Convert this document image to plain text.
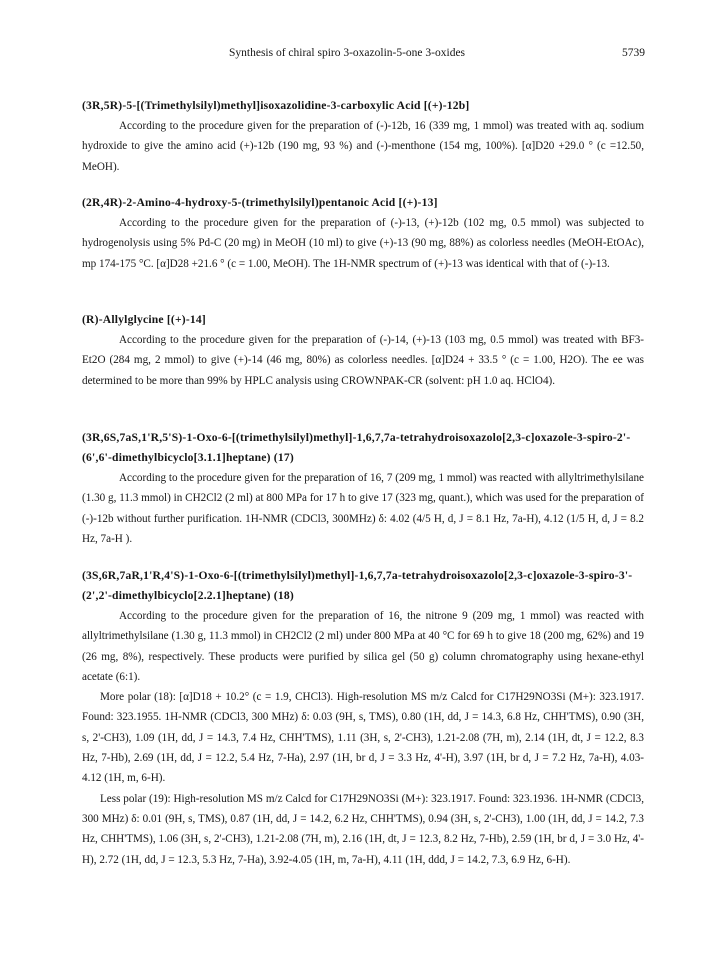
Synthesis of chiral spiro 3-oxazolin-5-one 3-oxides	5739

(3R,5R)-5-[(Trimethylsilyl)methyl]isoxazolidine-3-carboxylic Acid [(+)-12b]

According to the procedure given for the preparation of (-)-12b, 16 (339 mg, 1 mmol) was treated with aq. sodium hydroxide to give the amino acid (+)-12b (190 mg, 93 %) and (-)-menthone (154 mg, 100%). [α]D20 +29.0 ° (c =12.50, MeOH).

(2R,4R)-2-Amino-4-hydroxy-5-(trimethylsilyl)pentanoic Acid [(+)-13]

According to the procedure given for the preparation of (-)-13, (+)-12b (102 mg, 0.5 mmol) was subjected to hydrogenolysis using 5% Pd-C (20 mg) in MeOH (10 ml) to give (+)-13 (90 mg, 88%) as colorless needles (MeOH-EtOAc), mp 174-175 °C. [α]D28 +21.6 ° (c = 1.00, MeOH). The 1H-NMR spectrum of (+)-13 was identical with that of (-)-13.

(R)-Allylglycine [(+)-14]

According to the procedure given for the preparation of (-)-14, (+)-13 (103 mg, 0.5 mmol) was treated with BF3-Et2O (284 mg, 2 mmol) to give (+)-14 (46 mg, 80%) as colorless needles. [α]D24 + 33.5 ° (c = 1.00, H2O). The ee was determined to be more than 99% by HPLC analysis using CROWNPAK-CR (solvent: pH 1.0 aq. HClO4).

(3R,6S,7aS,1'R,5'S)-1-Oxo-6-[(trimethylsilyl)methyl]-1,6,7,7a-tetrahydroisoxazolo[2,3-c]oxazole-3-spiro-2'-(6',6'-dimethylbicyclo[3.1.1]heptane) (17)

According to the procedure given for the preparation of 16, 7 (209 mg, 1 mmol) was reacted with allyltrimethylsilane (1.30 g, 11.3 mmol) in CH2Cl2 (2 ml) at 800 MPa for 17 h to give 17 (323 mg, quant.), which was used for the preparation of (-)-12b without further purification. 1H-NMR (CDCl3, 300MHz) δ: 4.02 (4/5 H, d, J = 8.1 Hz, 7a-H), 4.12 (1/5 H, d, J = 8.2 Hz, 7a-H ).

(3S,6R,7aR,1'R,4'S)-1-Oxo-6-[(trimethylsilyl)methyl]-1,6,7,7a-tetrahydroisoxazolo[2,3-c]oxazole-3-spiro-3'-(2',2'-dimethylbicyclo[2.2.1]heptane) (18)

According to the procedure given for the preparation of 16, the nitrone 9 (209 mg, 1 mmol) was reacted with allyltrimethylsilane (1.30 g, 11.3 mmol) in CH2Cl2 (2 ml) under 800 MPa at 40 °C for 69 h to give 18 (200 mg, 62%) and 19 (26 mg, 8%), respectively. These products were purified by silica gel (50 g) column chromatography using hexane-ethyl acetate (6:1).

More polar (18): [α]D18 + 10.2° (c = 1.9, CHCl3). High-resolution MS m/z Calcd for C17H29NO3Si (M+): 323.1917. Found: 323.1955. 1H-NMR (CDCl3, 300 MHz) δ: 0.03 (9H, s, TMS), 0.80 (1H, dd, J = 14.3, 6.8 Hz, CHH'TMS), 0.90 (3H, s, 2'-CH3), 1.09 (1H, dd, J = 14.3, 7.4 Hz, CHH'TMS), 1.11 (3H, s, 2'-CH3), 1.21-2.08 (7H, m), 2.14 (1H, dt, J = 12.2, 8.3 Hz, 7-Hb), 2.69 (1H, dd, J = 12.2, 5.4 Hz, 7-Ha), 2.97 (1H, br d, J = 3.3 Hz, 4'-H), 3.97 (1H, br d, J = 7.2 Hz, 7a-H), 4.03-4.12 (1H, m, 6-H).

Less polar (19): High-resolution MS m/z Calcd for C17H29NO3Si (M+): 323.1917. Found: 323.1936. 1H-NMR (CDCl3, 300 MHz) δ: 0.01 (9H, s, TMS), 0.87 (1H, dd, J = 14.2, 6.2 Hz, CHH'TMS), 0.94 (3H, s, 2'-CH3), 1.00 (1H, dd, J = 14.2, 7.3 Hz, CHH'TMS), 1.06 (3H, s, 2'-CH3), 1.21-2.08 (7H, m), 2.16 (1H, dt, J = 12.3, 8.2 Hz, 7-Hb), 2.59 (1H, br d, J = 3.0 Hz, 4'-H), 2.72 (1H, dd, J = 12.3, 5.3 Hz, 7-Ha), 3.92-4.05 (1H, m, 7a-H), 4.11 (1H, ddd, J = 14.2, 7.3, 6.9 Hz, 6-H).
